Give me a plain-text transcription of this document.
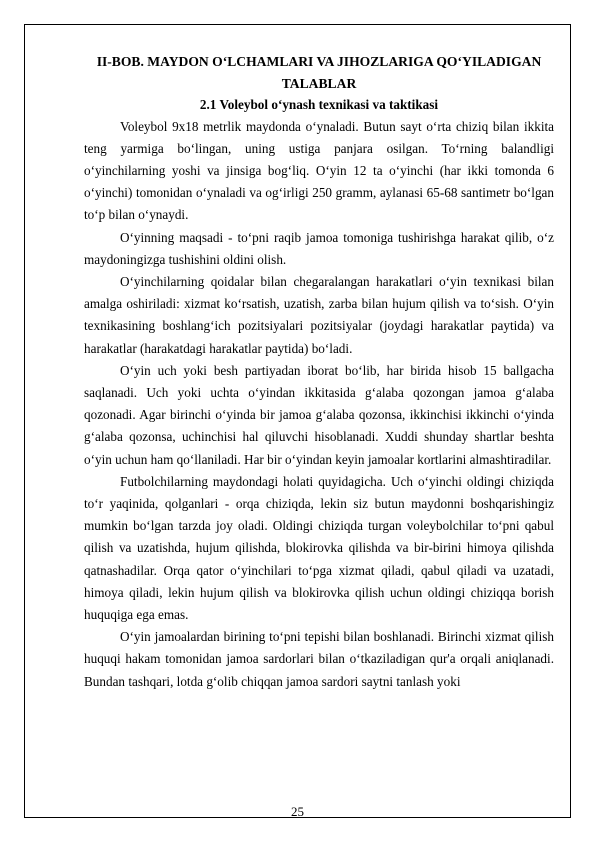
II-BOB. MAYDON O‘LCHAMLARI VA JIHOZLARIGA QO‘YILADIGAN TALABLAR
2.1 Voleybol o‘ynash texnikasi va taktikasi

Voleybol 9x18 metrlik maydonda o‘ynaladi. Butun sayt o‘rta chiziq bilan ikkita teng yarmiga bo‘lingan, uning ustiga panjara osilgan. To‘rning balandligi o‘yinchilarning yoshi va jinsiga bog‘liq. O‘yin 12 ta o‘yinchi (har ikki tomonda 6 o‘yinchi) tomonidan o‘ynaladi va og‘irligi 250 gramm, aylanasi 65-68 santimetr bo‘lgan to‘p bilan o‘ynaydi.

O‘yinning maqsadi - to‘pni raqib jamoa tomoniga tushirishga harakat qilib, o‘z maydoningizga tushishini oldini olish.

O‘yinchilarning qoidalar bilan chegaralangan harakatlari o‘yin texnikasi bilan amalga oshiriladi: xizmat ko‘rsatish, uzatish, zarba bilan hujum qilish va to‘sish. O‘yin texnikasining boshlang‘ich pozitsiyalari pozitsiyalar (joydagi harakatlar paytida) va harakatlar (harakatdagi harakatlar paytida) bo‘ladi.

O‘yin uch yoki besh partiyadan iborat bo‘lib, har birida hisob 15 ballgacha saqlanadi. Uch yoki uchta o‘yindan ikkitasida g‘alaba qozongan jamoa g‘alaba qozonadi. Agar birinchi o‘yinda bir jamoa g‘alaba qozonsa, ikkinchisi ikkinchi o‘yinda g‘alaba qozonsa, uchinchisi hal qiluvchi hisoblanadi. Xuddi shunday shartlar beshta o‘yin uchun ham qo‘llaniladi. Har bir o‘yindan keyin jamoalar kortlarini almashtiradilar.

Futbolchilarning maydondagi holati quyidagicha. Uch o‘yinchi oldingi chiziqda to‘r yaqinida, qolganlari - orqa chiziqda, lekin siz butun maydonni boshqarishingiz mumkin bo‘lgan tarzda joy oladi. Oldingi chiziqda turgan voleybolchilar to‘pni qabul qilish va uzatishda, hujum qilishda, blokirovka qilishda va bir-birini himoya qilishda qatnashadilar. Orqa qator o‘yinchilari to‘pga xizmat qiladi, qabul qiladi va uzatadi, himoya qiladi, lekin hujum qilish va blokirovka qilish uchun oldingi chiziqqa borish huquqiga ega emas.

O‘yin jamoalardan birining to‘pni tepishi bilan boshlanadi. Birinchi xizmat qilish huquqi hakam tomonidan jamoa sardorlari bilan o‘tkaziladigan qur'a orqali aniqlanadi. Bundan tashqari, lotda g‘olib chiqqan jamoa sardori saytni tanlash yoki

25
